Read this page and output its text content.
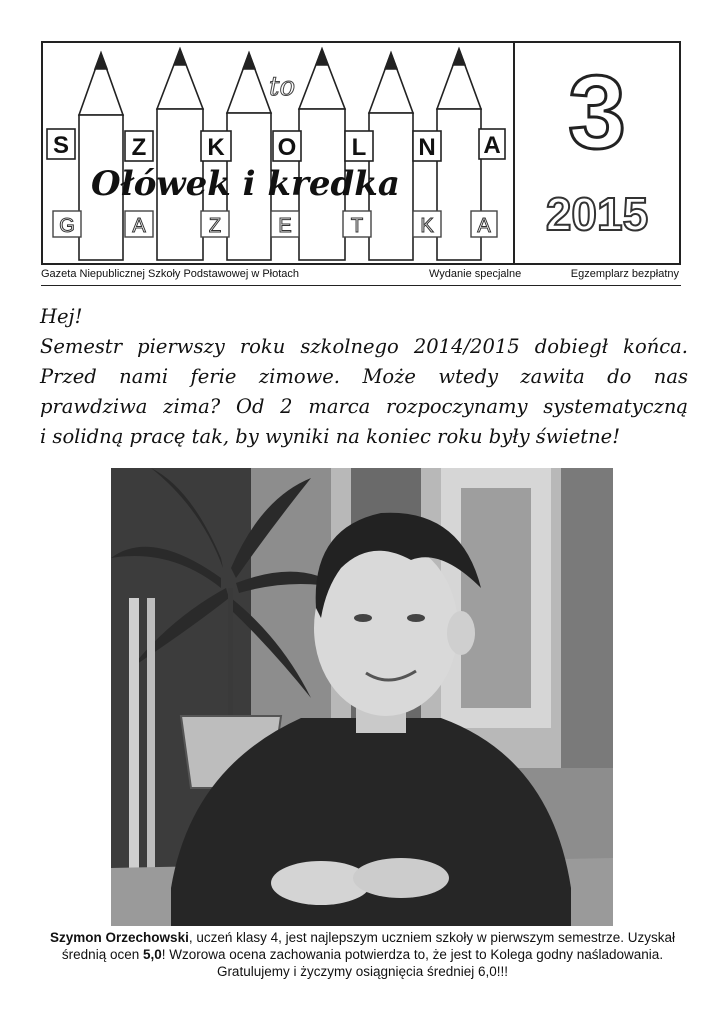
S	Z	K O L N A
to
Ołówek i kredka
G	A	Z	E	T	K A
3
2015
Gazeta Niepublicznej Szkoły Podstawowej w Płotach	Wydanie specjalne	Egzemplarz bezpłatny

Hej!

Semestr pierwszy roku szkolnego 2014/2015 dobiegł końca.

Przed nami ferie zimowe. Może wtedy zawita do nas

prawdziwa zima? Od 2 marca rozpoczynamy systematyczną

i solidną pracę tak, by wyniki na koniec roku były świetne!

Szymon Orzechowski, uczeń klasy 4, jest najlepszym uczniem szkoły w pierwszym semestrze. Uzyskał średnią ocen 5,0! Wzorowa ocena zachowania potwierdza to, że jest to Kolega godny naśladowania. Gratulujemy i życzymy osiągnięcia średniej 6,0!!!
